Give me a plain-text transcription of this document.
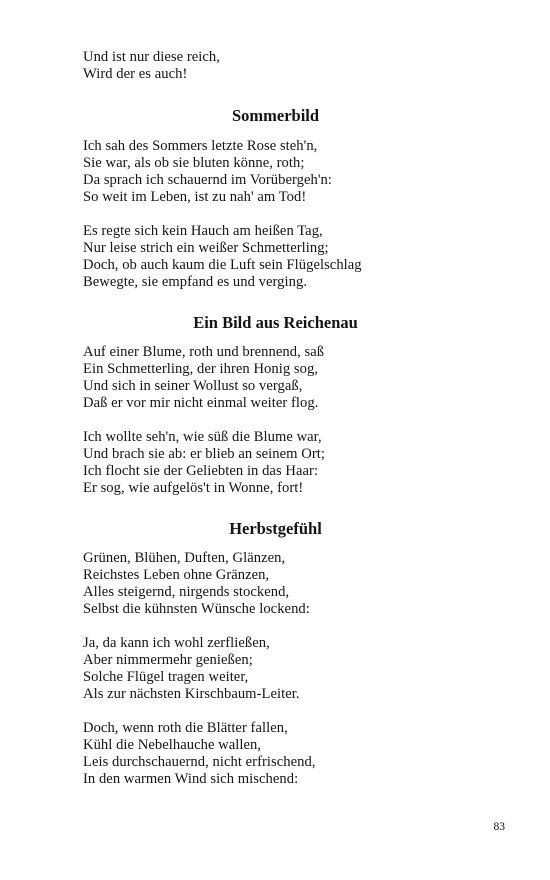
Und ist nur diese reich,
Wird der es auch!
Sommerbild
Ich sah des Sommers letzte Rose steh'n,
Sie war, als ob sie bluten könne, roth;
Da sprach ich schauernd im Vorübergeh'n:
So weit im Leben, ist zu nah' am Tod!
Es regte sich kein Hauch am heißen Tag,
Nur leise strich ein weißer Schmetterling;
Doch, ob auch kaum die Luft sein Flügelschlag
Bewegte, sie empfand es und verging.
Ein Bild aus Reichenau
Auf einer Blume, roth und brennend, saß
Ein Schmetterling, der ihren Honig sog,
Und sich in seiner Wollust so vergaß,
Daß er vor mir nicht einmal weiter flog.
Ich wollte seh'n, wie süß die Blume war,
Und brach sie ab: er blieb an seinem Ort;
Ich flocht sie der Geliebten in das Haar:
Er sog, wie aufgelös't in Wonne, fort!
Herbstgefühl
Grünen, Blühen, Duften, Glänzen,
Reichstes Leben ohne Gränzen,
Alles steigernd, nirgends stockend,
Selbst die kühnsten Wünsche lockend:
Ja, da kann ich wohl zerfließen,
Aber nimmermehr genießen;
Solche Flügel tragen weiter,
Als zur nächsten Kirschbaum-Leiter.
Doch, wenn roth die Blätter fallen,
Kühl die Nebelhauche wallen,
Leis durchschauernd, nicht erfrischend,
In den warmen Wind sich mischend:
83
